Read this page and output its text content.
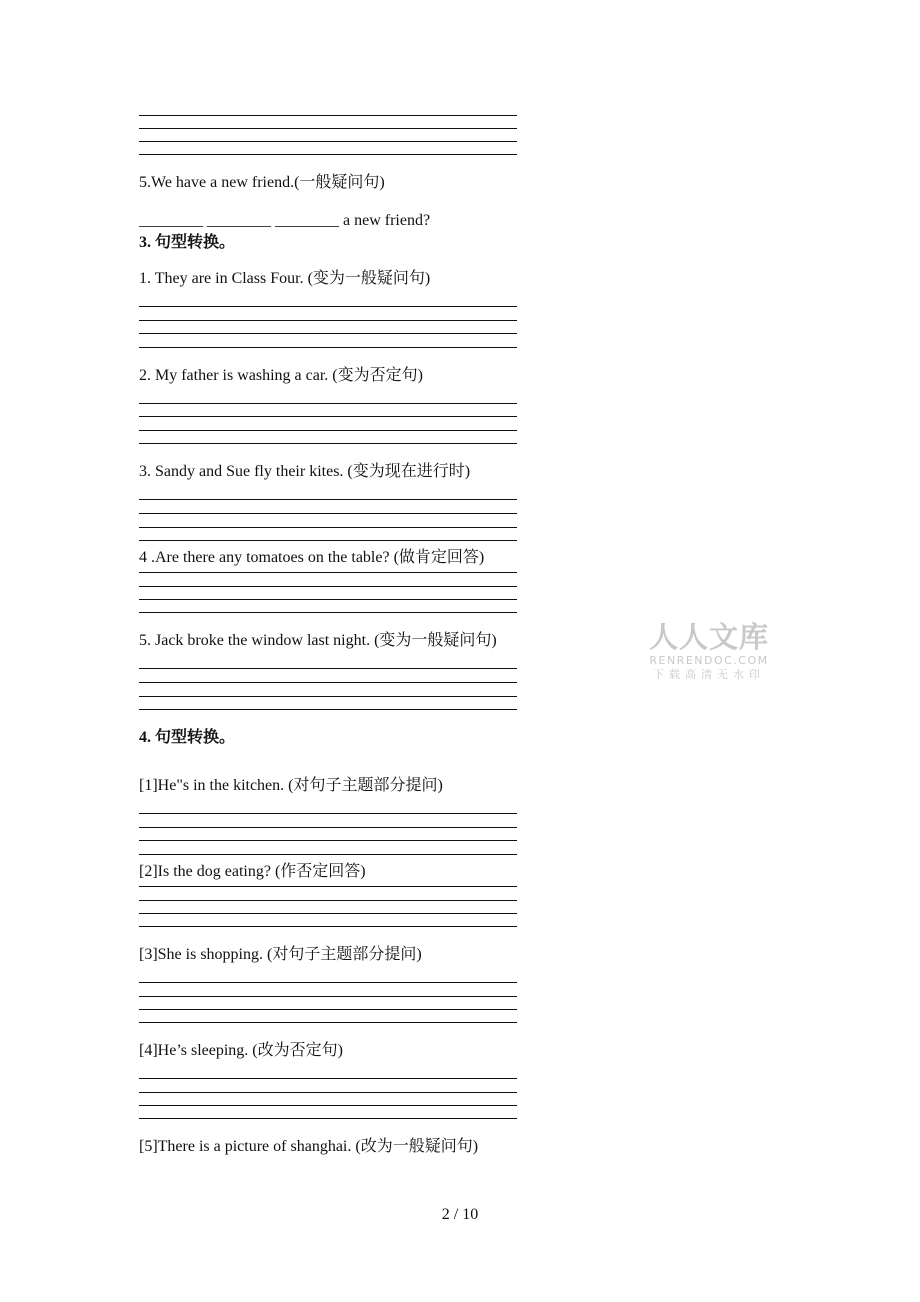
5.We have a new friend.(一般疑问句)
________ ________ ________ a new friend?
3. 句型转换。
1. They are in Class Four. (变为一般疑问句)
2. My father is washing a car. (变为否定句)
3. Sandy and Sue fly their kites. (变为现在进行时)
4 .Are there any tomatoes on the table? (做肯定回答)
5. Jack broke the window last night. (变为一般疑问句)
4. 句型转换。
[1]He"s in the kitchen. (对句子主题部分提问)
[2]Is the dog eating? (作否定回答)
[3]She is shopping. (对句子主题部分提问)
[4]He’s sleeping. (改为否定句)
[5]There is a picture of shanghai. (改为一般疑问句)
人人文库
RENRENDOC.COM
下载高清无水印
2 / 10
